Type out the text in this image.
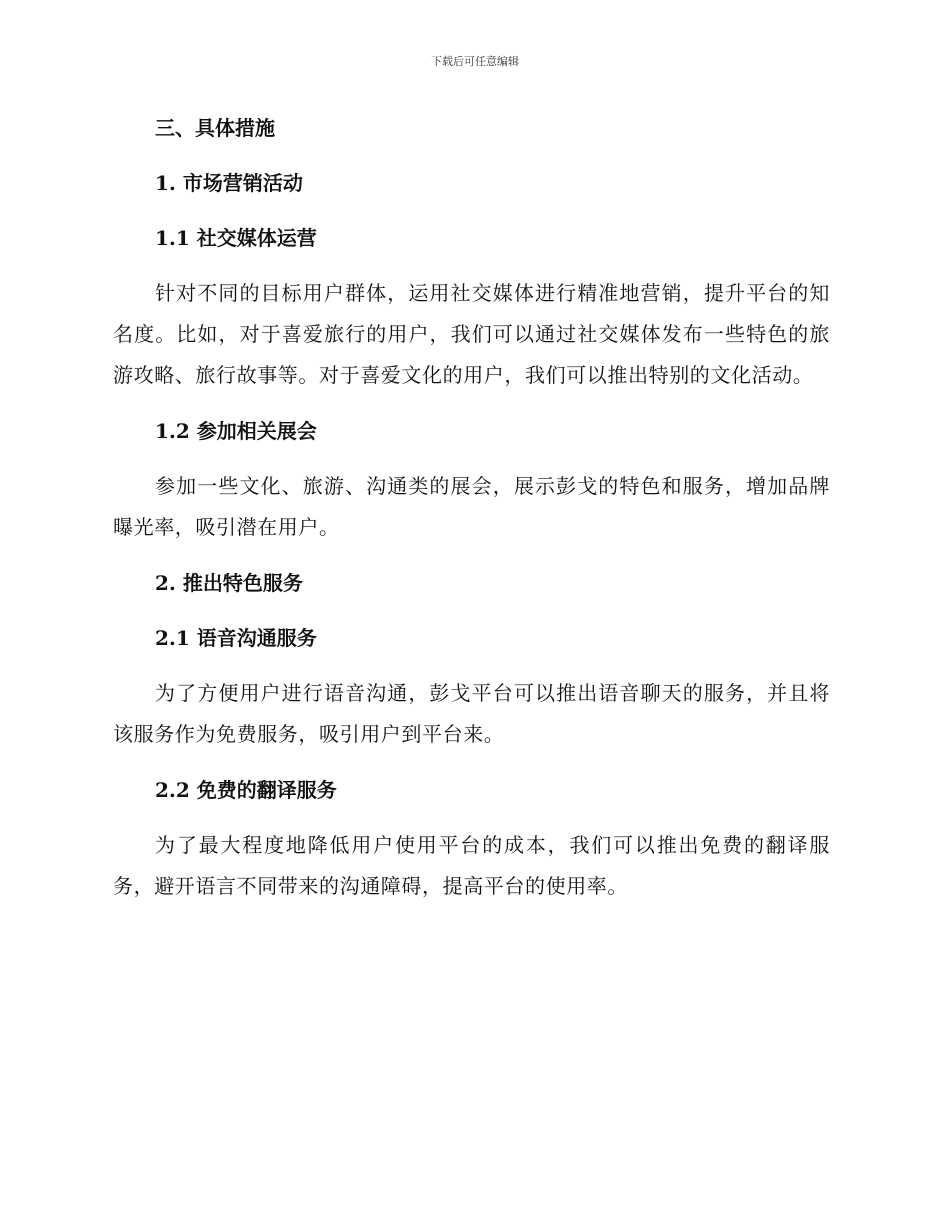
下载后可任意编辑
三、具体措施
1. 市场营销活动
1.1 社交媒体运营

针对不同的目标用户群体，运用社交媒体进行精准地营销，提升平台的知名度。比如，对于喜爱旅行的用户，我们可以通过社交媒体发布一些特色的旅游攻略、旅行故事等。对于喜爱文化的用户，我们可以推出特别的文化活动。

1.2 参加相关展会

参加一些文化、旅游、沟通类的展会，展示彭戈的特色和服务，增加品牌曝光率，吸引潜在用户。

2. 推出特色服务
2.1 语音沟通服务

为了方便用户进行语音沟通，彭戈平台可以推出语音聊天的服务，并且将该服务作为免费服务，吸引用户到平台来。

2.2 免费的翻译服务

为了最大程度地降低用户使用平台的成本，我们可以推出免费的翻译服务，避开语言不同带来的沟通障碍，提高平台的使用率。
